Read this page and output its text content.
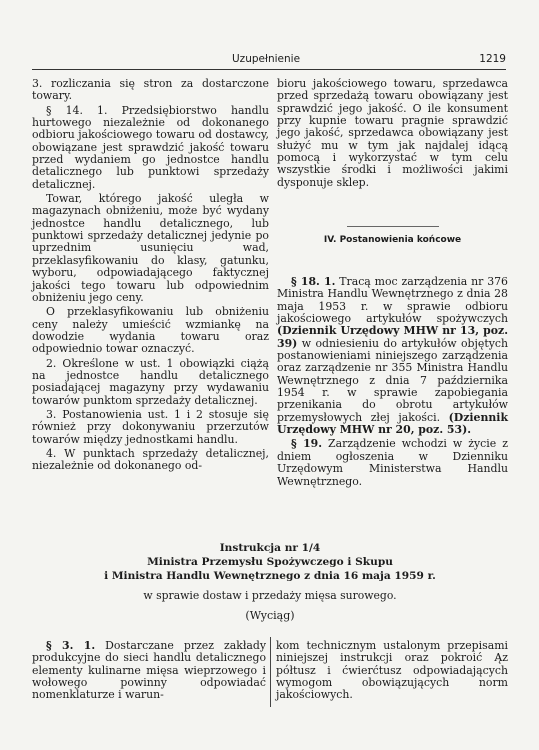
Uzupełnienie	1219

3. rozliczania się stron za dostarczone towary.

§ 14. 1. Przedsiębiorstwo handlu hurtowego niezależnie od dokonanego odbioru jakościowego towaru od dostawcy, obowiązane jest sprawdzić jakość towaru przed wydaniem go jednostce handlu detalicznego lub punktowi sprzedaży detalicznej.

Towar, którego jakość uległa w magazynach obniżeniu, może być wydany jednostce handlu detalicznego, lub punktowi sprzedaży detalicznej jedynie po uprzednim usunięciu wad, przeklasyfikowaniu do klasy, gatunku, wyboru, odpowiadającego faktycznej jakości tego towaru lub odpowiednim obniżeniu jego ceny.

O przeklasyfikowaniu lub obniżeniu ceny należy umieścić wzmiankę na dowodzie wydania towaru oraz odpowiednio towar oznaczyć.

2. Określone w ust. 1 obowiązki ciążą na jednostce handlu detalicznego posiadającej magazyny przy wydawaniu towarów punktom sprzedaży detalicznej.

3. Postanowienia ust. 1 i 2 stosuje się również przy dokonywaniu przerzutów towarów między jednostkami handlu.

4. W punktach sprzedaży detalicznej, niezależnie od dokonanego od-

bioru jakościowego towaru, sprzedawca przed sprzedażą towaru obowiązany jest sprawdzić jego jakość. O ile konsument przy kupnie towaru pragnie sprawdzić jego jakość, sprzedawca obowiązany jest służyć mu w tym jak najdalej idącą pomocą i wykorzystać w tym celu wszystkie środki i możliwości jakimi dysponuje sklep.

IV. Postanowienia końcowe

§ 18. 1. Tracą moc zarządzenia nr 376 Ministra Handlu Wewnętrznego z dnia 28 maja 1953 r. w sprawie odbioru jakościowego artykułów spożywczych (Dziennik Urzędowy MHW nr 13, poz. 39) w odniesieniu do artykułów objętych postanowieniami niniejszego zarządzenia oraz zarządzenie nr 355 Ministra Handlu Wewnętrznego z dnia 7 października 1954 r. w sprawie zapobiegania przenikania do obrotu artykułów przemysłowych złej jakości. (Dziennik Urzędowy MHW nr 20, poz. 53).

§ 19. Zarządzenie wchodzi w życie z dniem ogłoszenia w Dzienniku Urzędowym Ministerstwa Handlu Wewnętrznego.

Instrukcja nr 1/4
Ministra Przemysłu Spożywczego i Skupu
i Ministra Handlu Wewnętrznego z dnia 16 maja 1959 r.
w sprawie dostaw i przedaży mięsa surowego.
(Wyciąg)

§ 3. 1. Dostarczane przez zakłady produkcyjne do sieci handlu detalicznego elementy kulinarne mięsa wieprzowego i wołowego powinny odpowiadać nomenklaturze i warun-

kom technicznym ustalonym przepisami niniejszej instrukcji oraz pokroić Ąz półtusz i ćwierćtusz odpowiadających wymogom obowiązujących norm jakościowych.
